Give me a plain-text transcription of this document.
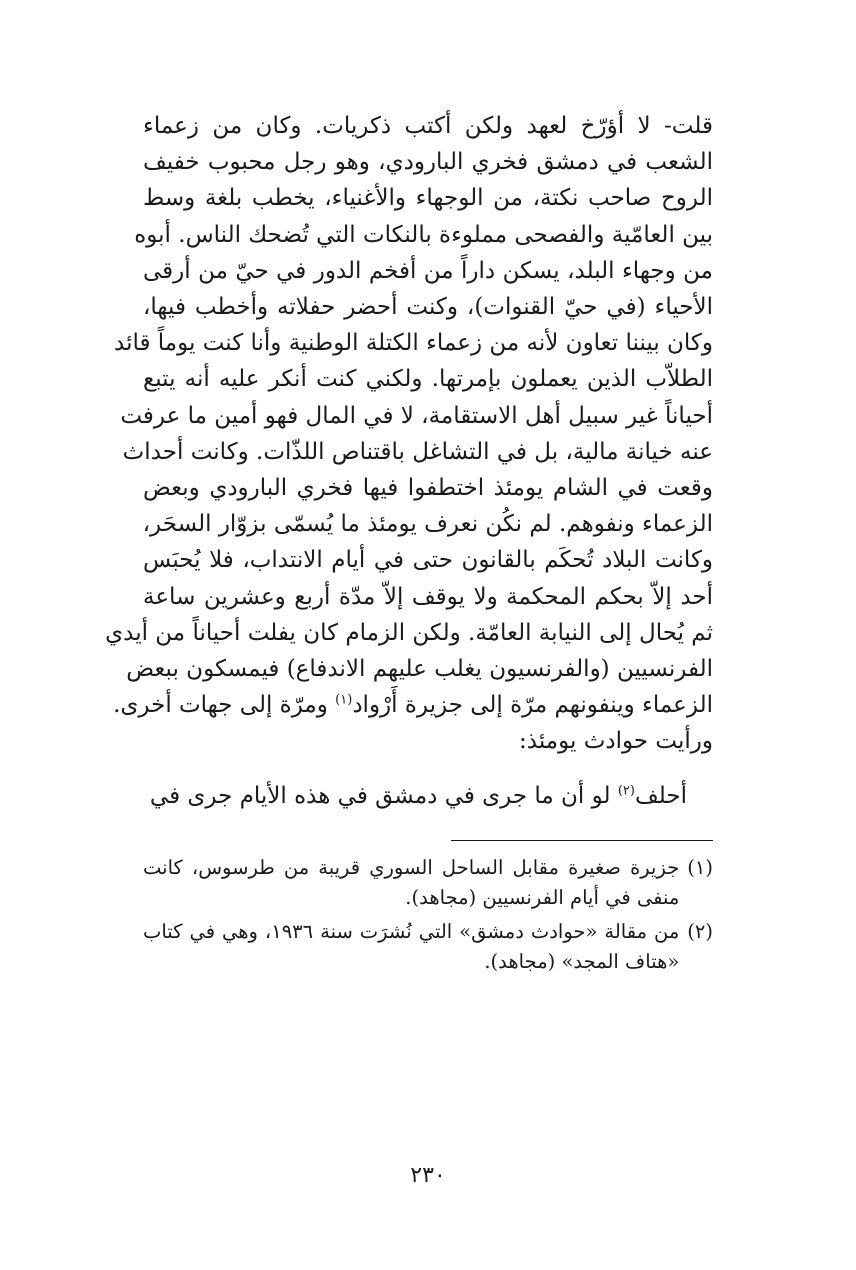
قلت- لا أؤرّخ لعهد ولكن أكتب ذكريات. وكان من زعماء
الشعب في دمشق فخري البارودي، وهو رجل محبوب خفيف
الروح صاحب نكتة، من الوجهاء والأغنياء، يخطب بلغة وسط
بين العامّية والفصحى مملوءة بالنكات التي تُضحك الناس. أبوه
من وجهاء البلد، يسكن داراً من أفخم الدور في حيّ من أرقى
الأحياء (في حيّ القنوات)، وكنت أحضر حفلاته وأخطب فيها،
وكان بيننا تعاون لأنه من زعماء الكتلة الوطنية وأنا كنت يوماً قائد
الطلاّب الذين يعملون بإمرتها. ولكني كنت أنكر عليه أنه يتبع
أحياناً غير سبيل أهل الاستقامة، لا في المال فهو أمين ما عرفت
عنه خيانة مالية، بل في التشاغل باقتناص اللذّات. وكانت أحداث
وقعت في الشام يومئذ اختطفوا فيها فخري البارودي وبعض
الزعماء ونفوهم. لم نكُن نعرف يومئذ ما يُسمّى بزوّار السحَر،
وكانت البلاد تُحكَم بالقانون حتى في أيام الانتداب، فلا يُحبَس
أحد إلاّ بحكم المحكمة ولا يوقف إلاّ مدّة أربع وعشرين ساعة
ثم يُحال إلى النيابة العامّة. ولكن الزمام كان يفلت أحياناً من أيدي
الفرنسيين (والفرنسيون يغلب عليهم الاندفاع) فيمسكون ببعض
الزعماء وينفونهم مرّة إلى جزيرة أَرْواد$^{(١)}$ ومرّة إلى جهات أخرى.
ورأيت حوادث يومئذ:
أحلف$^{(٢)}$ لو أن ما جرى في دمشق في هذه الأيام جرى في
(١)
جزيرة صغيرة مقابل الساحل السوري قريبة من طرسوس، كانت منفى في أيام الفرنسيين (مجاهد).
(٢)
من مقالة «حوادث دمشق» التي نُشرَت سنة ١٩٣٦، وهي في كتاب «هتاف المجد» (مجاهد).
٢٣٠
